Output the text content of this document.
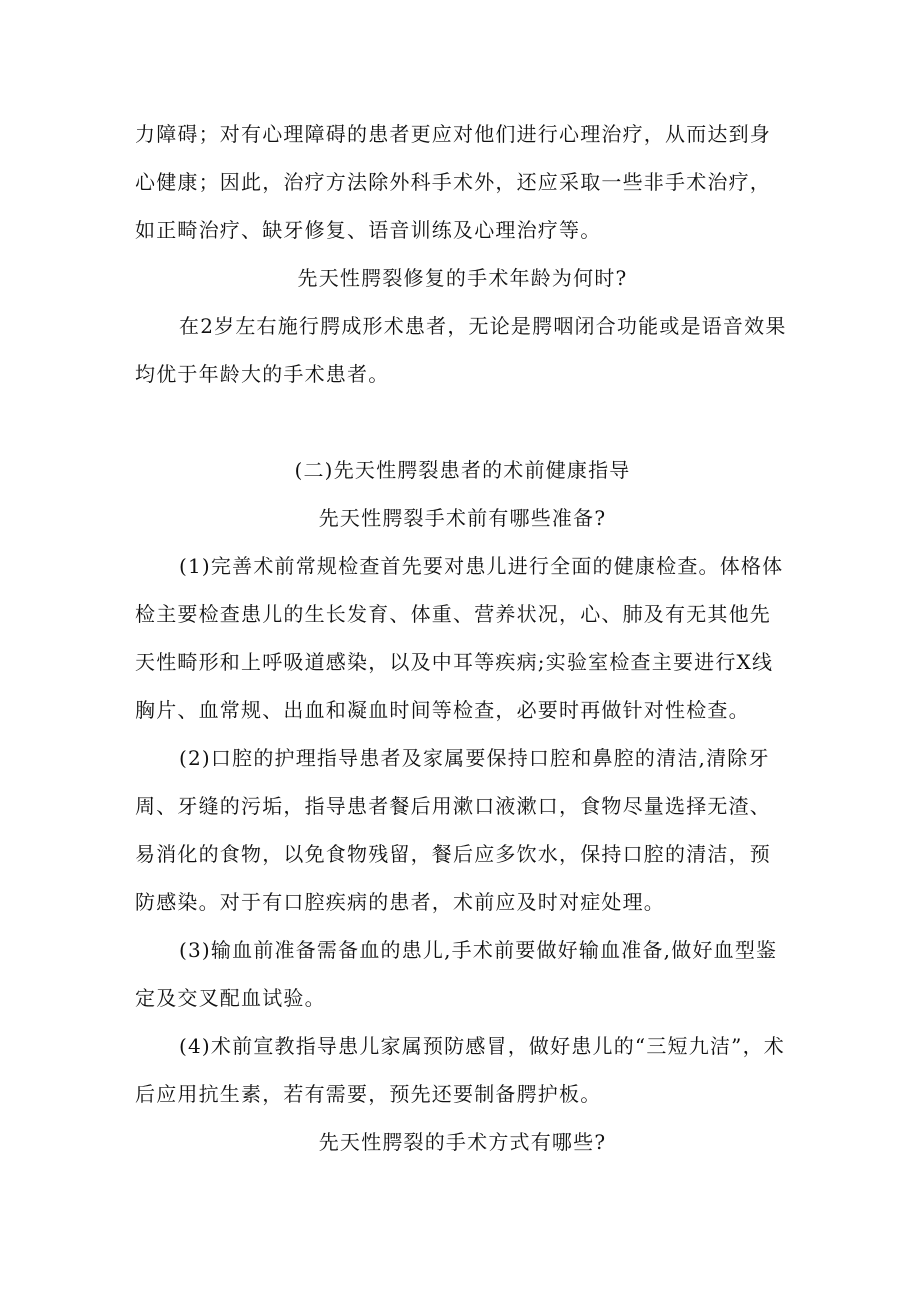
力障碍；对有心理障碍的患者更应对他们进行心理治疗，从而达到身心健康；因此，治疗方法除外科手术外，还应采取一些非手术治疗，如正畸治疗、缺牙修复、语音训练及心理治疗等。

先天性腭裂修复的手术年龄为何时?

在2岁左右施行腭成形术患者，无论是腭咽闭合功能或是语音效果均优于年龄大的手术患者。

(二)先天性腭裂患者的术前健康指导

先天性腭裂手术前有哪些准备?

(1)完善术前常规检查首先要对患儿进行全面的健康检查。体格体检主要检查患儿的生长发育、体重、营养状况，心、肺及有无其他先天性畸形和上呼吸道感染，以及中耳等疾病;实验室检查主要进行X线胸片、血常规、出血和凝血时间等检查，必要时再做针对性检查。

(2)口腔的护理指导患者及家属要保持口腔和鼻腔的清洁,清除牙周、牙缝的污垢，指导患者餐后用漱口液漱口，食物尽量选择无渣、易消化的食物，以免食物残留，餐后应多饮水，保持口腔的清洁，预防感染。对于有口腔疾病的患者，术前应及时对症处理。

(3)输血前准备需备血的患儿,手术前要做好输血准备,做好血型鉴定及交叉配血试验。

(4)术前宣教指导患儿家属预防感冒，做好患儿的“三短九洁”，术后应用抗生素，若有需要，预先还要制备腭护板。

先天性腭裂的手术方式有哪些?
